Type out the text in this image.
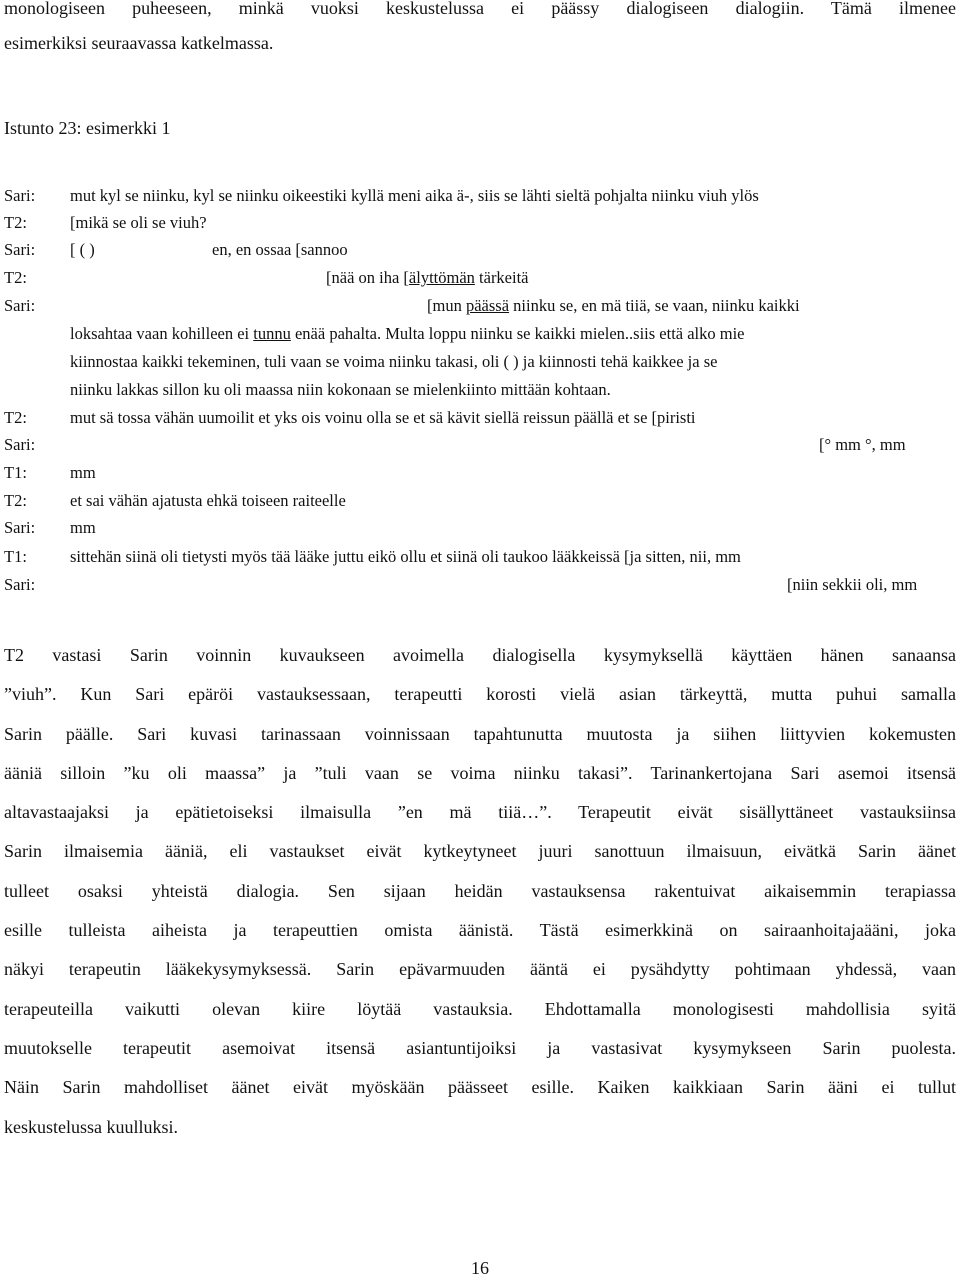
monologiseen puheeseen, minkä vuoksi keskustelussa ei päässy dialogiseen dialogiin. Tämä ilmenee
esimerkiksi seuraavassa katkelmassa.

Istunto 23: esimerkki 1
Sari: mut kyl se niinku, kyl se niinku oikeestiki kyllä meni aika ä-, siis se lähti sieltä pohjalta niinku viuh ylös
T2:	[mikä se oli se viuh?
Sari: [ ( )	en, en ossaa [sannoo
T2:	[nää on iha [älyttömän tärkeitä
Sari:	[mun päässä niinku se, en mä tiiä, se vaan, niinku kaikki
loksahtaa vaan kohilleen ei tunnu enää pahalta. Multa loppu niinku se kaikki mielen..siis että alko mie
kiinnostaa kaikki tekeminen, tuli vaan se voima niinku takasi, oli ( ) ja kiinnosti tehä kaikkee ja se
niinku lakkas sillon ku oli maassa niin kokonaan se mielenkiinto mittään kohtaan.
T2:	mut sä tossa vähän uumoilit et yks ois voinu olla se et sä kävit siellä reissun päällä et se [piristi
Sari:	[° mm °, mm
T1:	mm
T2:	et sai vähän ajatusta ehkä toiseen raiteelle
Sari: mm
T1:	sittehän siinä oli tietysti myös tää lääke juttu eikö ollu et siinä oli taukoo lääkkeissä [ja sitten, nii, mm
Sari:	[niin sekkii oli, mm

T2 vastasi Sarin voinnin kuvaukseen avoimella dialogisella kysymyksellä käyttäen hänen sanaansa
”viuh”. Kun Sari epäröi vastauksessaan, terapeutti korosti vielä asian tärkeyttä, mutta puhui samalla
Sarin päälle. Sari kuvasi tarinassaan voinnissaan tapahtunutta muutosta ja siihen liittyvien kokemusten
ääniä silloin ”ku oli maassa” ja ”tuli vaan se voima niinku takasi”. Tarinankertojana Sari asemoi itsensä
altavastaajaksi ja epätietoiseksi ilmaisulla ”en mä tiiä…”. Terapeutit eivät sisällyttäneet vastauksiinsa
Sarin ilmaisemia ääniä, eli vastaukset eivät kytkeytyneet juuri sanottuun ilmaisuun, eivätkä Sarin äänet
tulleet osaksi yhteistä dialogia. Sen sijaan heidän vastauksensa rakentuivat aikaisemmin terapiassa
esille tulleista aiheista ja terapeuttien omista äänistä. Tästä esimerkkinä on sairaanhoitajaääni, joka
näkyi terapeutin lääkekysymyksessä. Sarin epävarmuuden ääntä ei pysähdytty pohtimaan yhdessä, vaan
terapeuteilla vaikutti olevan kiire löytää vastauksia. Ehdottamalla monologisesti mahdollisia syitä
muutokselle terapeutit asemoivat itsensä asiantuntijoiksi ja vastasivat kysymykseen Sarin puolesta.
Näin Sarin mahdolliset äänet eivät myöskään päässeet esille. Kaiken kaikkiaan Sarin ääni ei tullut
keskustelussa kuulluksi.

16
